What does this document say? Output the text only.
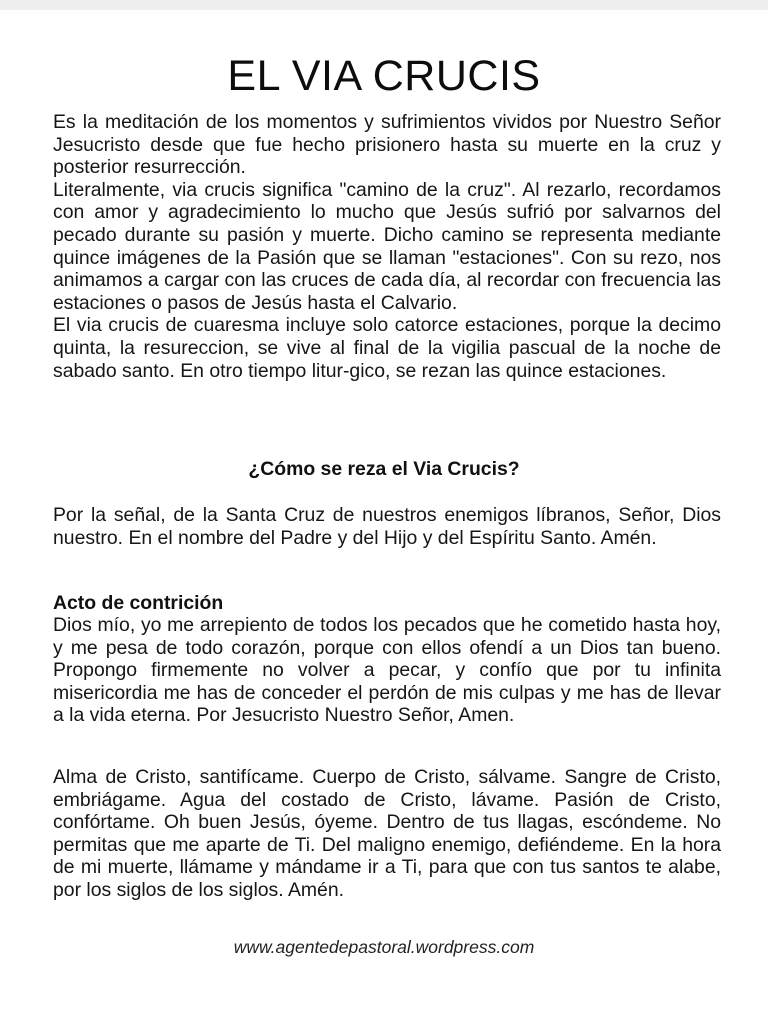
EL VIA CRUCIS

Es la meditación de los momentos y sufrimientos vividos por Nuestro Señor Jesucristo desde que fue hecho prisionero hasta su muerte en la cruz y posterior resurrección.

Literalmente, via crucis significa "camino de la cruz". Al rezarlo, recordamos con amor y agradecimiento lo mucho que Jesús sufrió por salvarnos del pecado durante su pasión y muerte. Dicho camino se representa mediante quince imágenes de la Pasión que se llaman "estaciones". Con su rezo, nos animamos a cargar con las cruces de cada día, al recordar con frecuencia las estaciones o pasos de Jesús hasta el Calvario.

El via crucis de cuaresma incluye solo catorce estaciones, porque la decimo quinta, la resureccion, se vive al final de la vigilia pascual de la noche de sabado santo. En otro tiempo litur-gico, se rezan las quince estaciones.

¿Cómo se reza el Via Crucis?

Por la señal, de la Santa Cruz de nuestros enemigos líbranos, Señor, Dios nuestro. En el nombre del Padre y del Hijo y del Espíritu Santo. Amén.

Acto de contrición

Dios mío, yo me arrepiento de todos los pecados que he cometido hasta hoy, y me pesa de todo corazón, porque con ellos ofendí a un Dios tan bueno. Propongo firmemente no volver a pecar, y confío que por tu infinita misericordia me has de conceder el perdón de mis culpas y me has de llevar a la vida eterna. Por Jesucristo Nuestro Señor, Amen.

Alma de Cristo, santifícame. Cuerpo de Cristo, sálvame. Sangre de Cristo, embriágame. Agua del costado de Cristo, lávame. Pasión de Cristo, confórtame. Oh buen Jesús, óyeme. Dentro de tus llagas, escóndeme. No permitas que me aparte de Ti. Del maligno enemigo, defiéndeme. En la hora de mi muerte, llámame y mándame ir a Ti, para que con tus santos te alabe, por los siglos de los siglos. Amén.

www.agentedepastoral.wordpress.com
